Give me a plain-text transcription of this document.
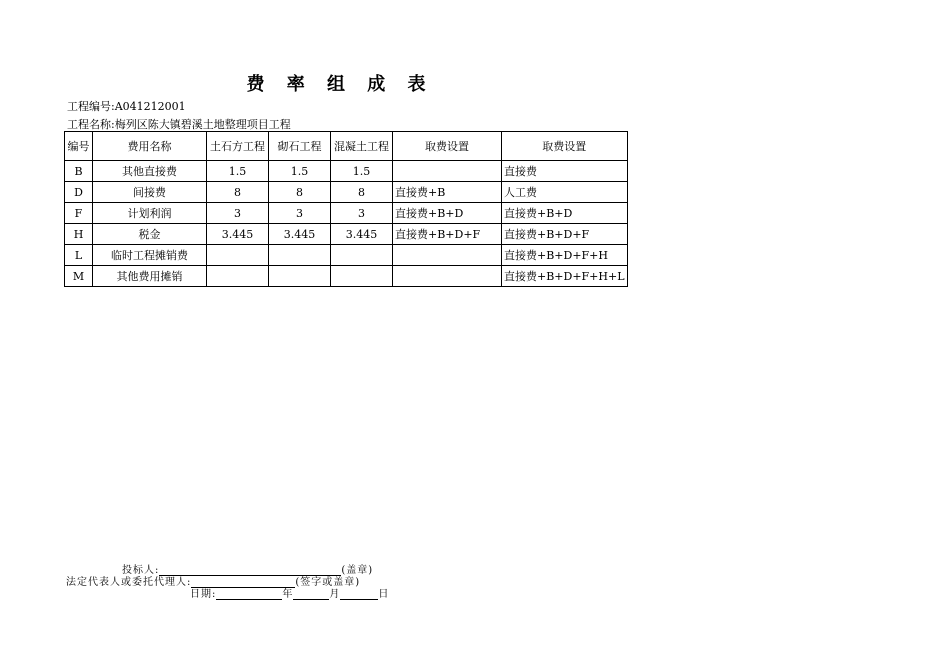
费 率 组 成 表
工程编号:A041212001
工程名称:梅列区陈大镇碧溪土地整理项目工程
编号	费用名称	土石方工程	砌石工程	混凝土工程	取费设置	取费设置
B	其他直接费	1.5	1.5	1.5		直接费
D	间接费	8	8	8	直接费+B	人工费
F	计划利润	3	3	3	直接费+B+D	直接费+B+D
H	税金	3.445	3.445	3.445	直接费+B+D+F	直接费+B+D+F
L	临时工程摊销费					直接费+B+D+F+H
M	其他费用摊销					直接费+B+D+F+H+L
投标人:	(盖章)
法定代表人或委托代理人:	(签字或盖章)
日期:	年	月	日
